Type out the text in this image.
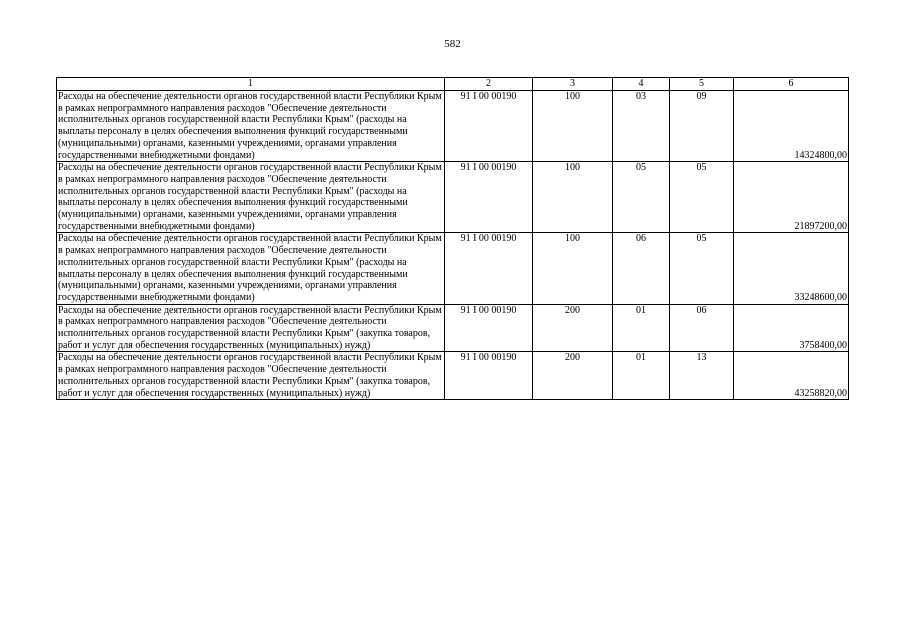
582
1	2	3	4	5	6
Расходы на обеспечение деятельности органов государственной власти Республики Крым в рамках непрограммного направления расходов "Обеспечение деятельности исполнительных органов государственной власти Республики Крым" (расходы на выплаты персоналу в целях обеспечения выполнения функций государственными (муниципальными) органами, казенными учреждениями, органами управления государственными внебюджетными фондами)	91 I 00 00190	100	03	09	14324800,00
Расходы на обеспечение деятельности органов государственной власти Республики Крым в рамках непрограммного направления расходов "Обеспечение деятельности исполнительных органов государственной власти Республики Крым" (расходы на выплаты персоналу в целях обеспечения выполнения функций государственными (муниципальными) органами, казенными учреждениями, органами управления государственными внебюджетными фондами)	91 I 00 00190	100	05	05	21897200,00
Расходы на обеспечение деятельности органов государственной власти Республики Крым в рамках непрограммного направления расходов "Обеспечение деятельности исполнительных органов государственной власти Республики Крым" (расходы на выплаты персоналу в целях обеспечения выполнения функций государственными (муниципальными) органами, казенными учреждениями, органами управления государственными внебюджетными фондами)	91 I 00 00190	100	06	05	33248600,00
Расходы на обеспечение деятельности органов государственной власти Республики Крым в рамках непрограммного направления расходов "Обеспечение деятельности исполнительных органов государственной власти Республики Крым" (закупка товаров, работ и услуг для обеспечения государственных (муниципальных) нужд)	91 I 00 00190	200	01	06	3758400,00
Расходы на обеспечение деятельности органов государственной власти Республики Крым в рамках непрограммного направления расходов "Обеспечение деятельности исполнительных органов государственной власти Республики Крым" (закупка товаров, работ и услуг для обеспечения государственных (муниципальных) нужд)	91 I 00 00190	200	01	13	43258820,00
